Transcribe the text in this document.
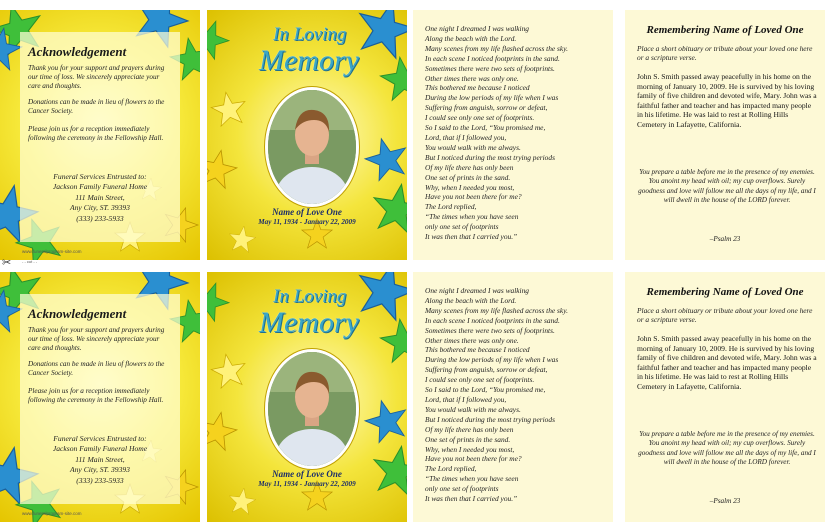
Acknowledgement
Thank you for your support and prayers during our time of loss. We sincerely appreciate your care and thoughts.
Donations can be made in lieu of flowers to the Cancer Society.
Please join us for a reception immediately following the ceremony in the Fellowship Hall.
Funeral Services Entrusted to:
Jackson Family Funeral Home
111 Main Street,
Any City, ST. 39393
(333) 233-5933
www.funeralprogram-site.com
In Loving
Memory
Name of Love One
May 11, 1934 - January 22, 2009
One night I dreamed I was walking
Along the beach with the Lord.
Many scenes from my life flashed across the sky.
In each scene I noticed footprints in the sand.
Sometimes there were two sets of footprints.
Other times there was only one.
This bothered me because I noticed
During the low periods of my life when I was
Suffering from anguish, sorrow or defeat,
I could see only one set of footprints.
So I said to the Lord, “You promised me,
Lord, that if I followed you,
You would walk with me always.
But I noticed during the most trying periods
Of my life there has only been
One set of prints in the sand.
Why, when I needed you most,
Have you not been there for me?
The Lord replied,
“The times when you have seen
only one set of footprints
It was then that I carried you.”
Remembering Name of Loved One
Place a short obituary or tribute about your loved one here or a scripture verse.
John S. Smith passed away peacefully in his home on the morning of January 10, 2009. He is survived by his loving family of five children and devoted wife, Mary. John was a faithful father and teacher and has impacted many people in his lifetime. He was laid to rest at Rolling Hills Cemetery in Lafayette, California.
You prepare a table before me in the presence of my enemies. You anoint my head with oil; my cup overflows. Surely goodness and love will follow me all the days of my life, and I will dwell in the house of the LORD forever.
–Psalm 23
✂	- - cut - -
Acknowledgement
Thank you for your support and prayers during our time of loss. We sincerely appreciate your care and thoughts.
Donations can be made in lieu of flowers to the Cancer Society.
Please join us for a reception immediately following the ceremony in the Fellowship Hall.
Funeral Services Entrusted to:
Jackson Family Funeral Home
111 Main Street,
Any City, ST. 39393
(333) 233-5933
www.funeralprogram-site.com
In Loving
Memory
Name of Love One
May 11, 1934 - January 22, 2009
One night I dreamed I was walking
Along the beach with the Lord.
Many scenes from my life flashed across the sky.
In each scene I noticed footprints in the sand.
Sometimes there were two sets of footprints.
Other times there was only one.
This bothered me because I noticed
During the low periods of my life when I was
Suffering from anguish, sorrow or defeat,
I could see only one set of footprints.
So I said to the Lord, “You promised me,
Lord, that if I followed you,
You would walk with me always.
But I noticed during the most trying periods
Of my life there has only been
One set of prints in the sand.
Why, when I needed you most,
Have you not been there for me?
The Lord replied,
“The times when you have seen
only one set of footprints
It was then that I carried you.”
Remembering Name of Loved One
Place a short obituary or tribute about your loved one here or a scripture verse.
John S. Smith passed away peacefully in his home on the morning of January 10, 2009. He is survived by his loving family of five children and devoted wife, Mary. John was a faithful father and teacher and has impacted many people in his lifetime. He was laid to rest at Rolling Hills Cemetery in Lafayette, California.
You prepare a table before me in the presence of my enemies. You anoint my head with oil; my cup overflows. Surely goodness and love will follow me all the days of my life, and I will dwell in the house of the LORD forever.
–Psalm 23
